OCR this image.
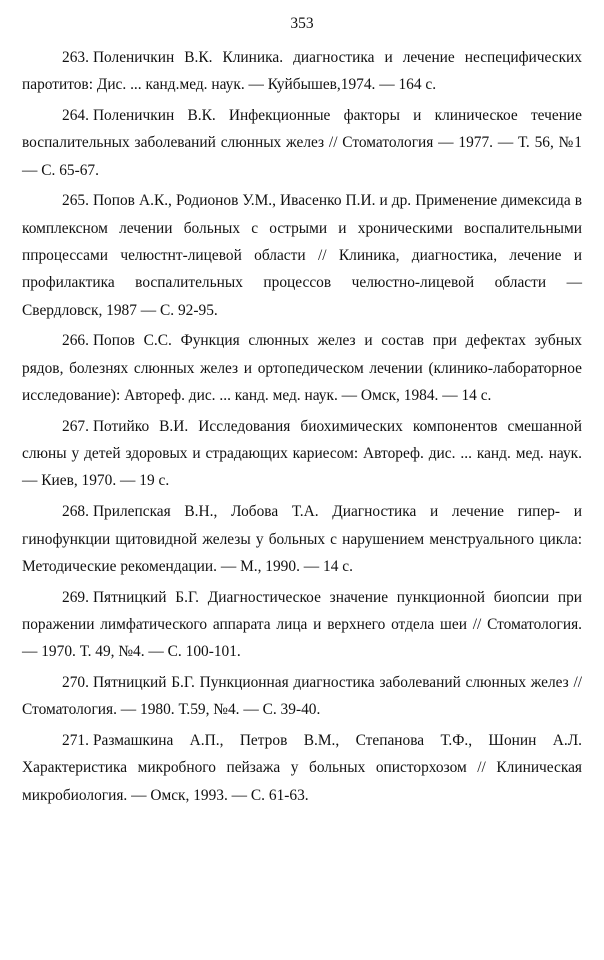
353
263. Поленичкин В.К. Клиника. диагностика и лечение неспецифических паротитов: Дис. ... канд.мед. наук. — Куйбышев,1974. — 164 с.
264. Поленичкин В.К. Инфекционные факторы и клиническое течение воспалительных заболеваний слюнных желез // Стоматология — 1977. — Т. 56, №1 — С. 65-67.
265. Попов А.К., Родионов У.М., Ивасенко П.И. и др. Применение димексида в комплексном лечении больных с острыми и хроническими воспалительными ппроцессами челюстнт-лицевой области // Клиника, диагностика, лечение и профилактика воспалительных процессов челюстно-лицевой области — Свердловск, 1987 — С. 92-95.
266. Попов С.С. Функция слюнных желез и состав при дефектах зубных рядов, болезнях слюнных желез и ортопедическом лечении (клинико-лабораторное исследование): Автореф. дис. ... канд. мед. наук. — Омск, 1984. — 14 с.
267. Потийко В.И. Исследования биохимических компонентов смешанной слюны у детей здоровых и страдающих кариесом: Автореф. дис. ... канд. мед. наук. — Киев, 1970. — 19 с.
268. Прилепская В.Н., Лобова Т.А. Диагностика и лечение гипер- и гинофункции щитовидной железы у больных с нарушением менструального цикла: Методические рекомендации. — М., 1990. — 14 с.
269. Пятницкий Б.Г. Диагностическое значение пункционной биопсии при поражении лимфатического аппарата лица и верхнего отдела шеи // Стоматология. — 1970. Т. 49, №4. — С. 100-101.
270. Пятницкий Б.Г. Пункционная диагностика заболеваний слюнных желез // Стоматология. — 1980. Т.59, №4. — С. 39-40.
271. Размашкина А.П., Петров В.М., Степанова Т.Ф., Шонин А.Л. Характеристика микробного пейзажа у больных описторхозом // Клиническая микробиология. — Омск, 1993. — С. 61-63.
